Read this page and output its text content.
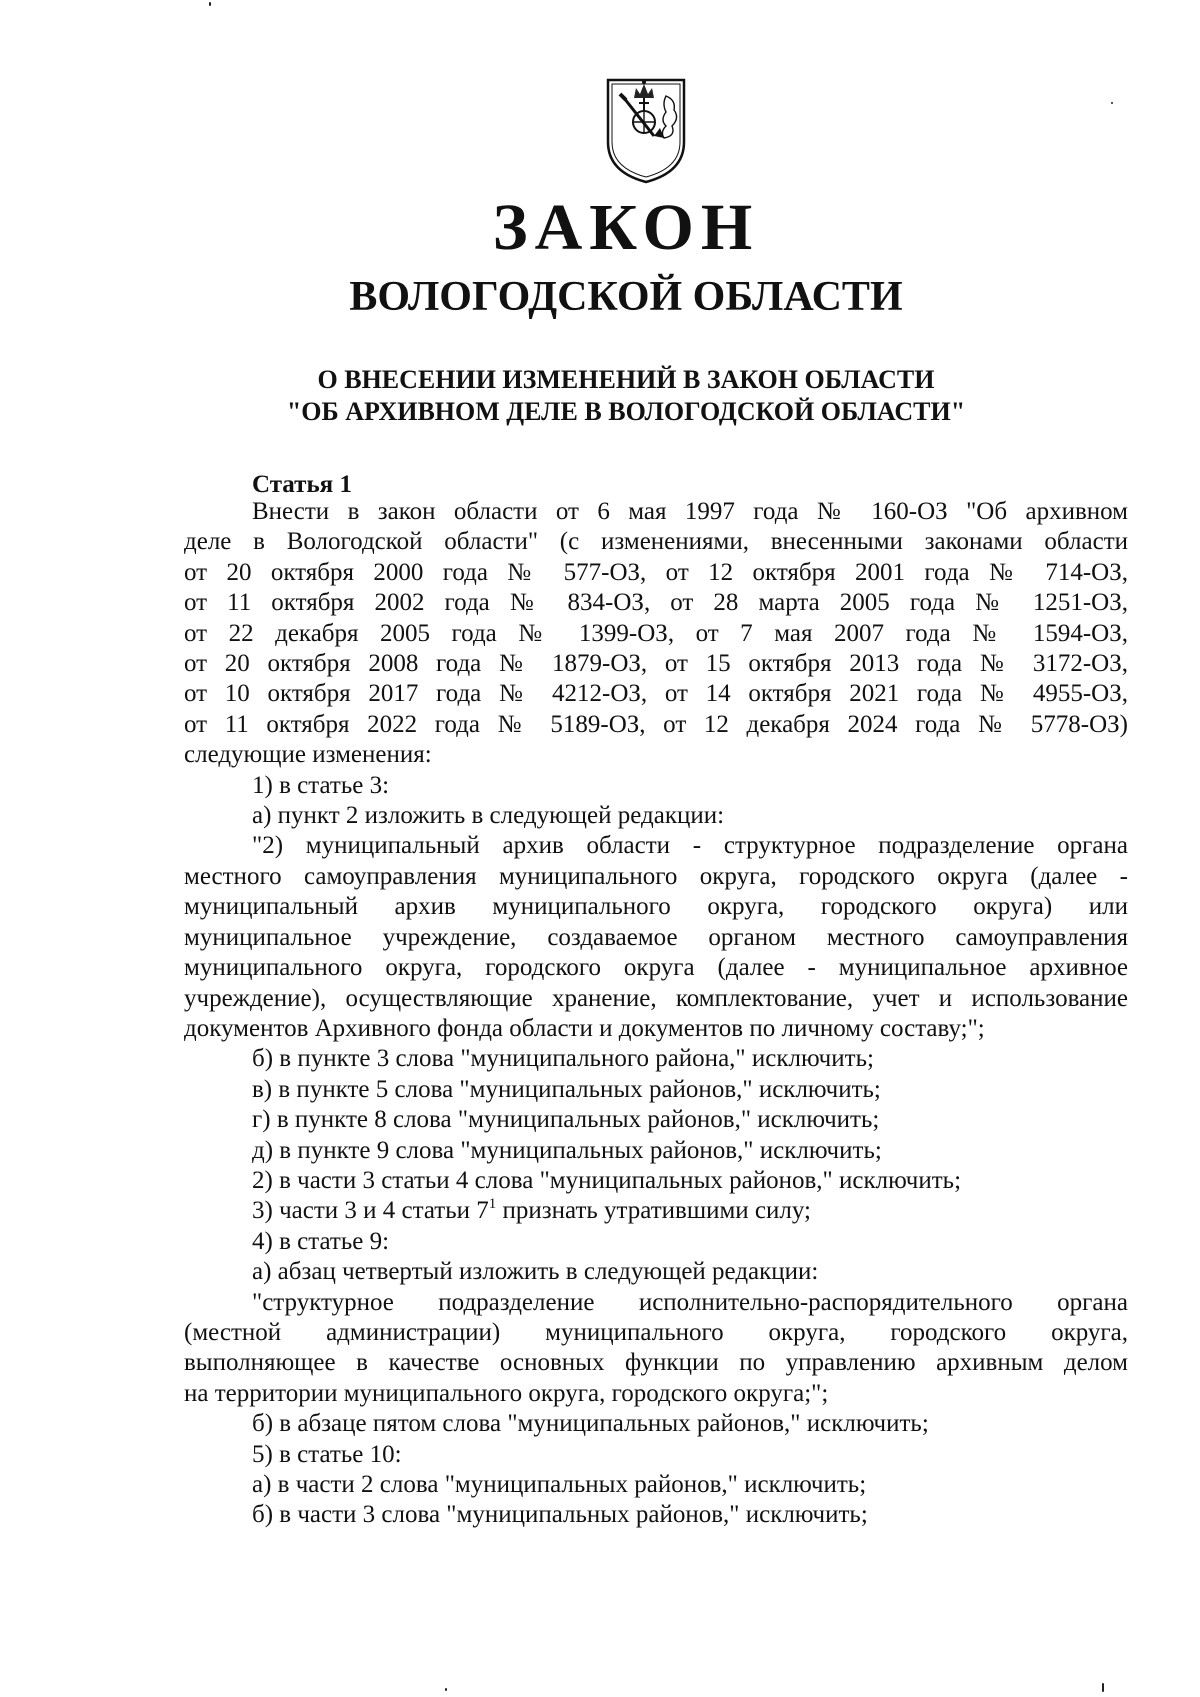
ЗАКОН
ВОЛОГОДСКОЙ ОБЛАСТИ
О ВНЕСЕНИИ ИЗМЕНЕНИЙ В ЗАКОН ОБЛАСТИ
"ОБ АРХИВНОМ ДЕЛЕ В ВОЛОГОДСКОЙ ОБЛАСТИ"
Статья 1

Внести в закон области от 6 мая 1997 года № 160-ОЗ "Об архивном

деле в Вологодской области" (с изменениями, внесенными законами области

от 20 октября 2000 года № 577-ОЗ, от 12 октября 2001 года № 714-ОЗ,

от 11 октября 2002 года № 834-ОЗ, от 28 марта 2005 года № 1251-ОЗ,

от 22 декабря 2005 года № 1399-ОЗ, от 7 мая 2007 года № 1594-ОЗ,

от 20 октября 2008 года № 1879-ОЗ, от 15 октября 2013 года № 3172-ОЗ,

от 10 октября 2017 года № 4212-ОЗ, от 14 октября 2021 года № 4955-ОЗ,

от 11 октября 2022 года № 5189-ОЗ, от 12 декабря 2024 года № 5778-ОЗ)

следующие изменения:

1) в статье 3:

а) пункт 2 изложить в следующей редакции:

"2) муниципальный архив области - структурное подразделение органа

местного самоуправления муниципального округа, городского округа (далее -

муниципальный архив муниципального округа, городского округа) или

муниципальное учреждение, создаваемое органом местного самоуправления

муниципального округа, городского округа (далее - муниципальное архивное

учреждение), осуществляющие хранение, комплектование, учет и использование

документов Архивного фонда области и документов по личному составу;";

б) в пункте 3 слова "муниципального района," исключить;

в) в пункте 5 слова "муниципальных районов," исключить;

г) в пункте 8 слова "муниципальных районов," исключить;

д) в пункте 9 слова "муниципальных районов," исключить;

2) в части 3 статьи 4 слова "муниципальных районов," исключить;

3) части 3 и 4 статьи $7^1$ признать утратившими силу;

4) в статье 9:

а) абзац четвертый изложить в следующей редакции:

"структурное подразделение исполнительно-распорядительного органа

(местной администрации) муниципального округа, городского округа,

выполняющее в качестве основных функции по управлению архивным делом

на территории муниципального округа, городского округа;";

б) в абзаце пятом слова "муниципальных районов," исключить;

5) в статье 10:

а) в части 2 слова "муниципальных районов," исключить;

б) в части 3 слова "муниципальных районов," исключить;
